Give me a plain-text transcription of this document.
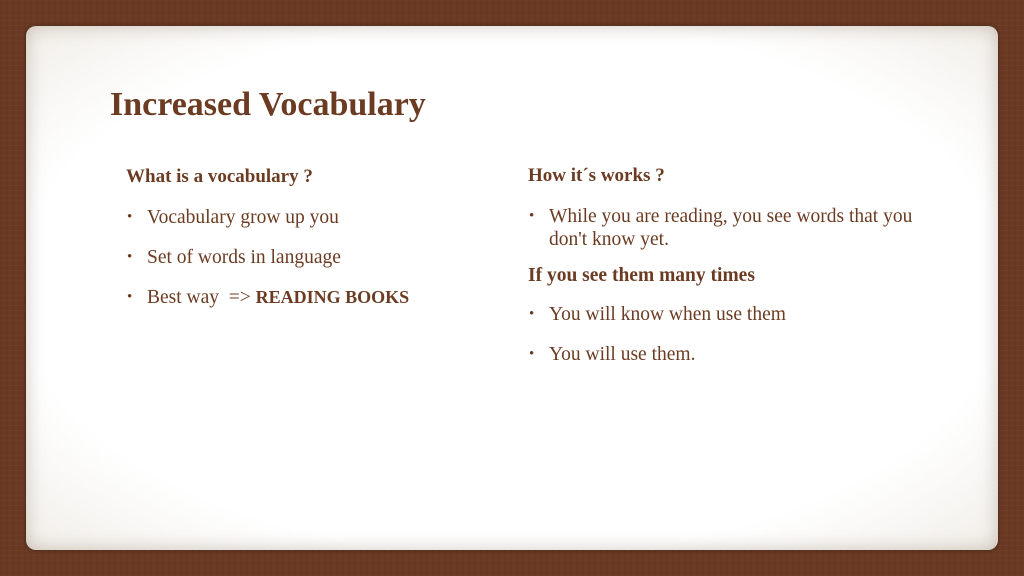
Increased Vocabulary

What is a vocabulary ?

• Vocabulary grow up you
• Set of words in language
• Best way  => READING BOOKS

How it´s works ?

• While you are reading, you see words that you don't know yet.

If you see them many times

• You will know when use them
• You will use them.
